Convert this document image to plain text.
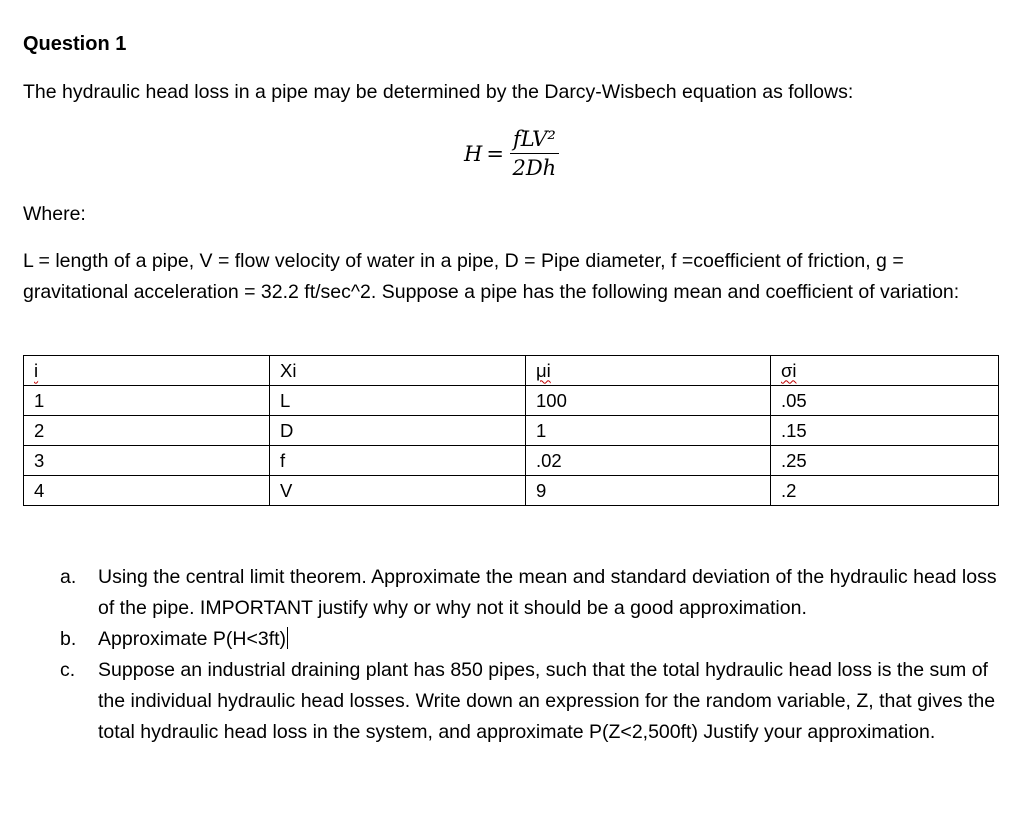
Question 1
The hydraulic head loss in a pipe may be determined by the Darcy-Wisbech equation as follows:
$H = \frac{\text{fLV²}}{2Dh}$
Where:
L = length of a pipe, V = flow velocity of water in a pipe, D = Pipe diameter, f =coefficient of friction, g = gravitational acceleration = 32.2 ft/sec^2. Suppose a pipe has the following mean and coefficient of variation:
i	Xi	μi	σi
1	L	100	.05
2	D	1	.15
3	f	.02	.25
4	V	9	.2
a. Using the central limit theorem. Approximate the mean and standard deviation of the hydraulic head loss of the pipe. IMPORTANT justify why or why not it should be a good approximation.
b. Approximate P(H<3ft)
c. Suppose an industrial draining plant has 850 pipes, such that the total hydraulic head loss is the sum of the individual hydraulic head losses. Write down an expression for the random variable, Z, that gives the total hydraulic head loss in the system, and approximate P(Z<2,500ft) Justify your approximation.
